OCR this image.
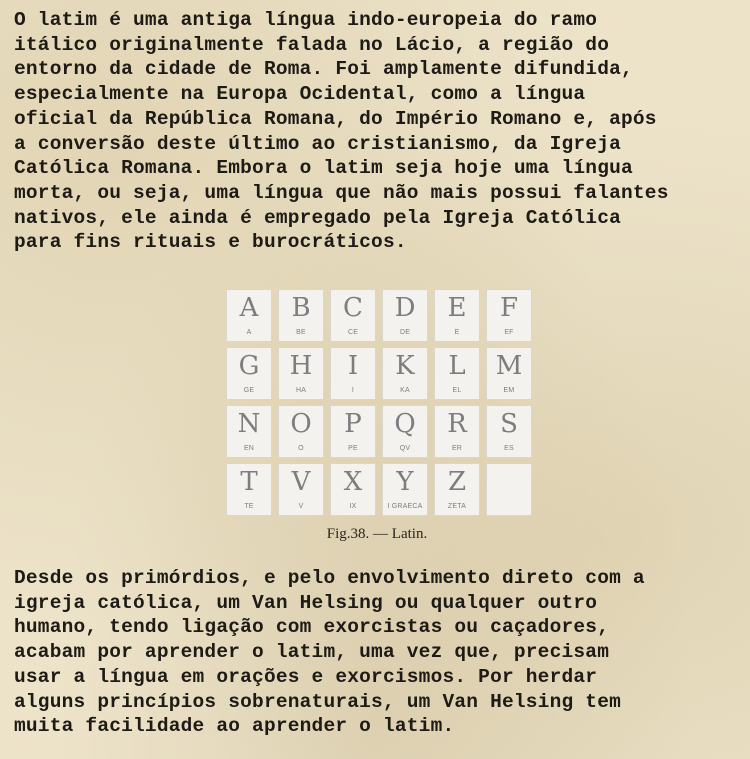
O latim é uma antiga língua indo-europeia do ramo
itálico originalmente falada no Lácio, a região do
entorno da cidade de Roma. Foi amplamente difundida,
especialmente na Europa Ocidental, como a língua
oficial da República Romana, do Império Romano e, após
a conversão deste último ao cristianismo, da Igreja
Católica Romana. Embora o latim seja hoje uma língua
morta, ou seja, uma língua que não mais possui falantes
nativos, ele ainda é empregado pela Igreja Católica
para fins rituais e burocráticos.
A
A
B
BE
C
CE
D
DE
E
E
F
EF
G
GE
H
HA
I
I
K
KA
L
EL
M
EM
N
EN
O
O
P
PE
Q
QV
R
ER
S
ES
T
TE
V
V
X
IX
Y
I GRAECA
Z
ZETA
Fig.38. — Latin.
Desde os primórdios, e pelo envolvimento direto com a
igreja católica, um Van Helsing ou qualquer outro
humano, tendo ligação com exorcistas ou caçadores,
acabam por aprender o latim, uma vez que, precisam
usar a língua em orações e exorcismos. Por herdar
alguns princípios sobrenaturais, um Van Helsing tem
muita facilidade ao aprender o latim.
